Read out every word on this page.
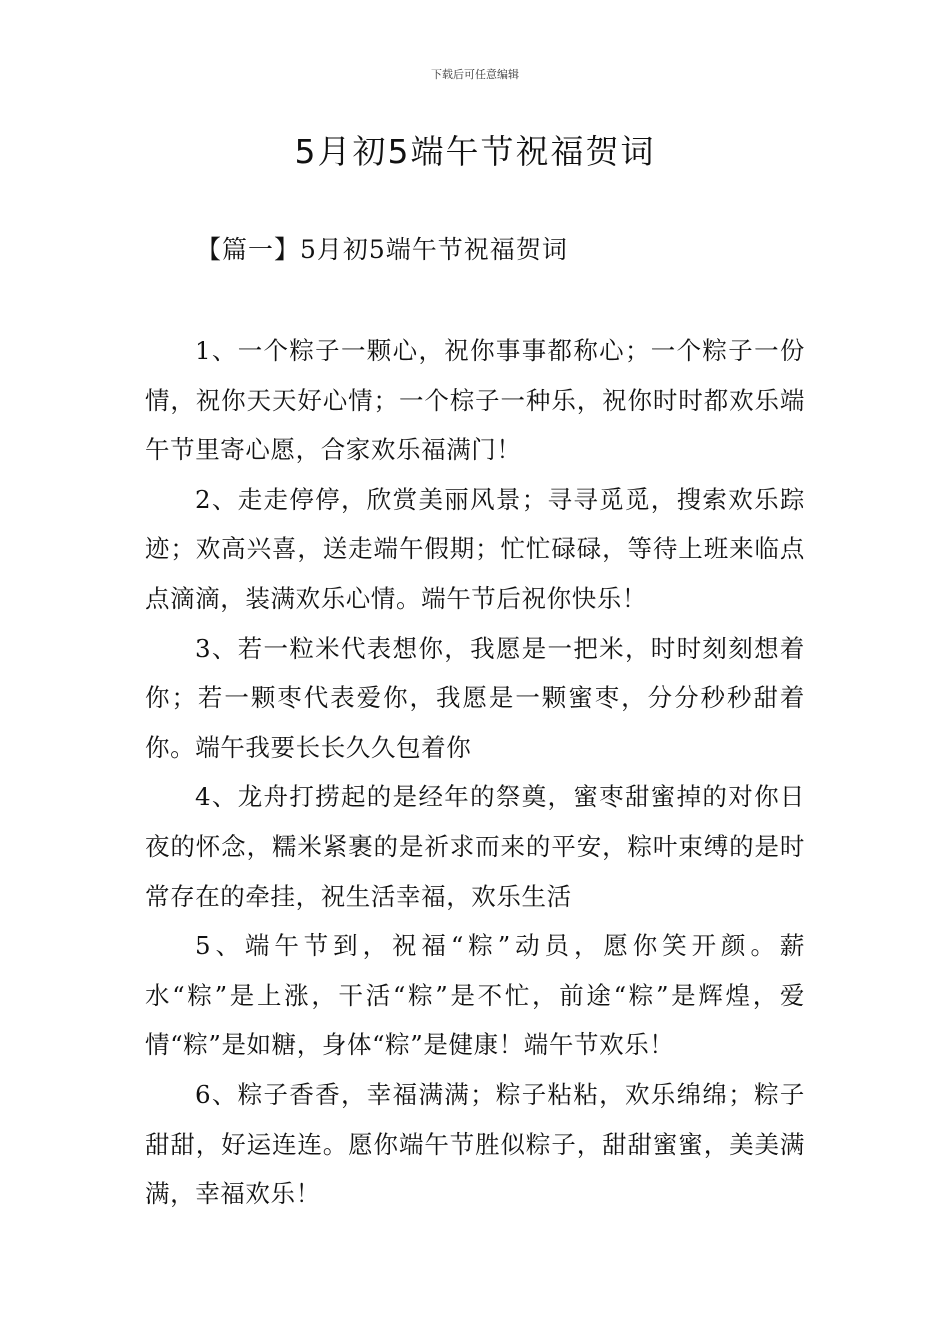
下载后可任意编辑
5月初5端午节祝福贺词
【篇一】5月初5端午节祝福贺词

1、一个粽子一颗心，祝你事事都称心；一个粽子一份情，祝你天天好心情；一个棕子一种乐，祝你时时都欢乐端午节里寄心愿，合家欢乐福满门！

2、走走停停，欣赏美丽风景；寻寻觅觅，搜索欢乐踪迹；欢高兴喜，送走端午假期；忙忙碌碌，等待上班来临点点滴滴，装满欢乐心情。端午节后祝你快乐！

3、若一粒米代表想你，我愿是一把米，时时刻刻想着你；若一颗枣代表爱你，我愿是一颗蜜枣，分分秒秒甜着你。端午我要长长久久包着你

4、龙舟打捞起的是经年的祭奠，蜜枣甜蜜掉的对你日夜的怀念，糯米紧裹的是祈求而来的平安，粽叶束缚的是时常存在的牵挂，祝生活幸福，欢乐生活

5、端午节到，祝福“粽”动员，愿你笑开颜。薪水“粽”是上涨，干活“粽”是不忙，前途“粽”是辉煌，爱情“粽”是如糖，身体“粽”是健康！端午节欢乐！

6、粽子香香，幸福满满；粽子粘粘，欢乐绵绵；粽子甜甜，好运连连。愿你端午节胜似粽子，甜甜蜜蜜，美美满满，幸福欢乐！
